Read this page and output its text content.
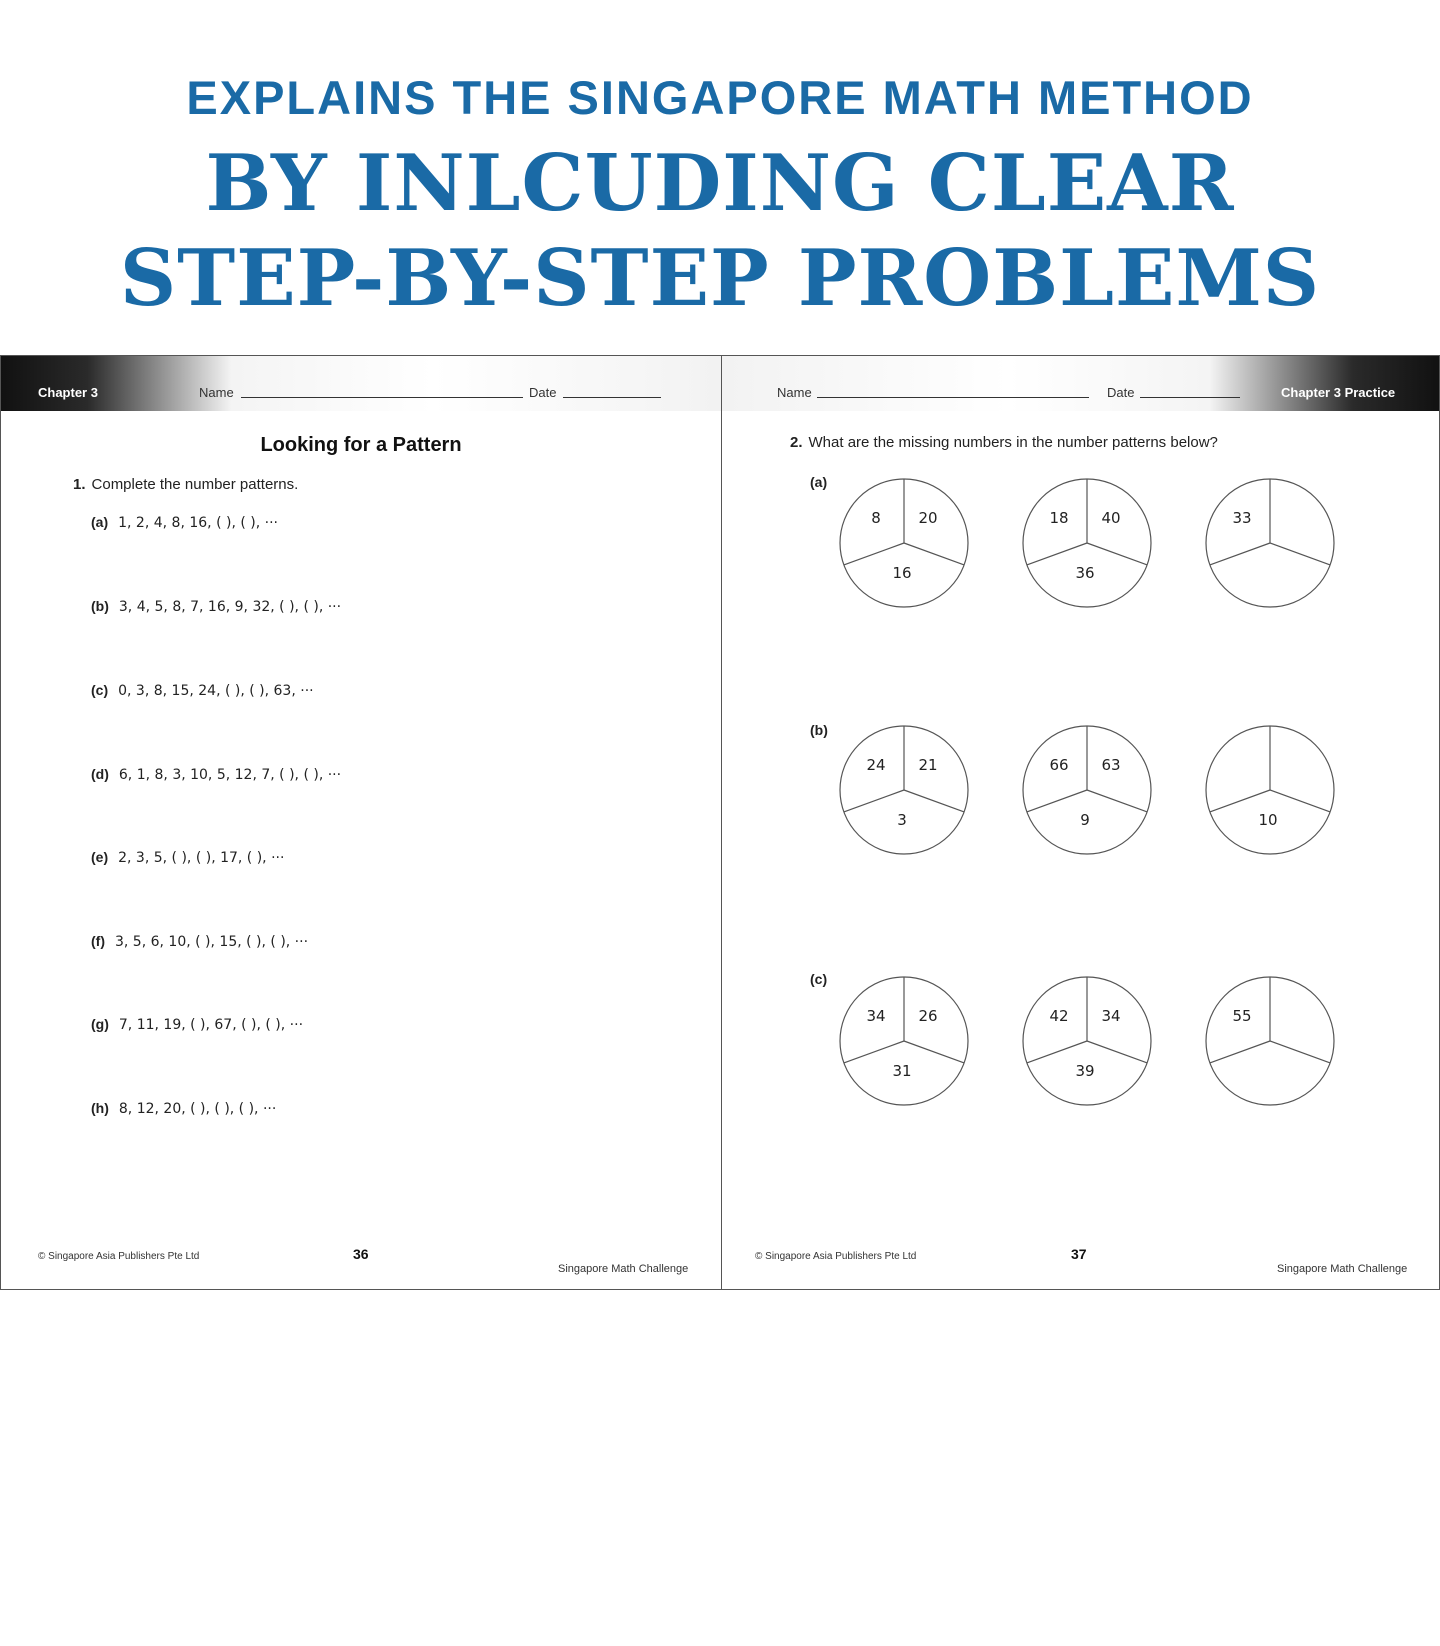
EXPLAINS THE SINGAPORE MATH METHOD
BY INLCUDING CLEAR
STEP-BY-STEP PROBLEMS
Chapter 3	Name	Date
Looking for a Pattern
1. Complete the number patterns.
(a) 1, 2, 4, 8, 16, ( ), ( ), ···
(b) 3, 4, 5, 8, 7, 16, 9, 32, ( ), ( ), ···
(c) 0, 3, 8, 15, 24, ( ), ( ), 63, ···
(d) 6, 1, 8, 3, 10, 5, 12, 7, ( ), ( ), ···
(e) 2, 3, 5, ( ), ( ), 17, ( ), ···
(f) 3, 5, 6, 10, ( ), 15, ( ), ( ), ···
(g) 7, 11, 19, ( ), 67, ( ), ( ), ···
(h) 8, 12, 20, ( ), ( ), ( ), ···
© Singapore Asia Publishers Pte Ltd	36
Singapore Math Challenge
Name	Date	Chapter 3 Practice
2. What are the missing numbers in the number patterns below?
(a)
(b)
(c)
8	20
16
18 40
36
33
24 21
3
66 63
9	10
34 26
31
42 34
39
55
© Singapore Asia Publishers Pte Ltd	37
Singapore Math Challenge
